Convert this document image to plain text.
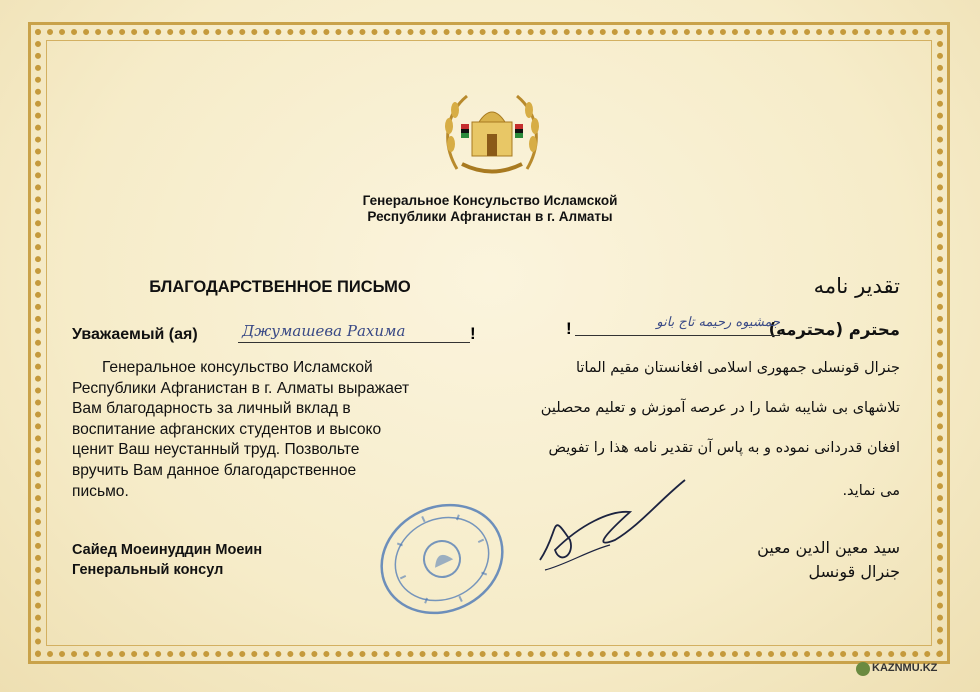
Генеральное Консульство Исламской
Республики Афганистан в г. Алматы
БЛАГОДАРСТВЕННОЕ ПИСЬМО	تقدیر نامه
Уважаемый (ая)	Джумашева Рахима	!
Генеральное консульство Исламской
Республики Афганистан в г. Алматы выражает
Вам благодарность за личный вклад в
воспитание афганских студентов и высоко
ценит Ваш неустанный труд. Позвольте
вручить Вам данное благодарственное
письмо.
Сайед Моеинуддин Моеин
Генеральный консул
محترم (محترمه)
جمشیوه رحیمه تاج بانو
!
جنرال قونسلی جمهوری اسلامی افغانستان مقیم الماتا
تلاشهای بی شایبه شما را در عرصه آموزش و تعلیم محصلین
افغان قدردانی نموده و به پاس آن تقدیر نامه هذا را تفویض
می نماید.
سید معین الدین معین
جنرال قونسل
KAZNMU.KZ
